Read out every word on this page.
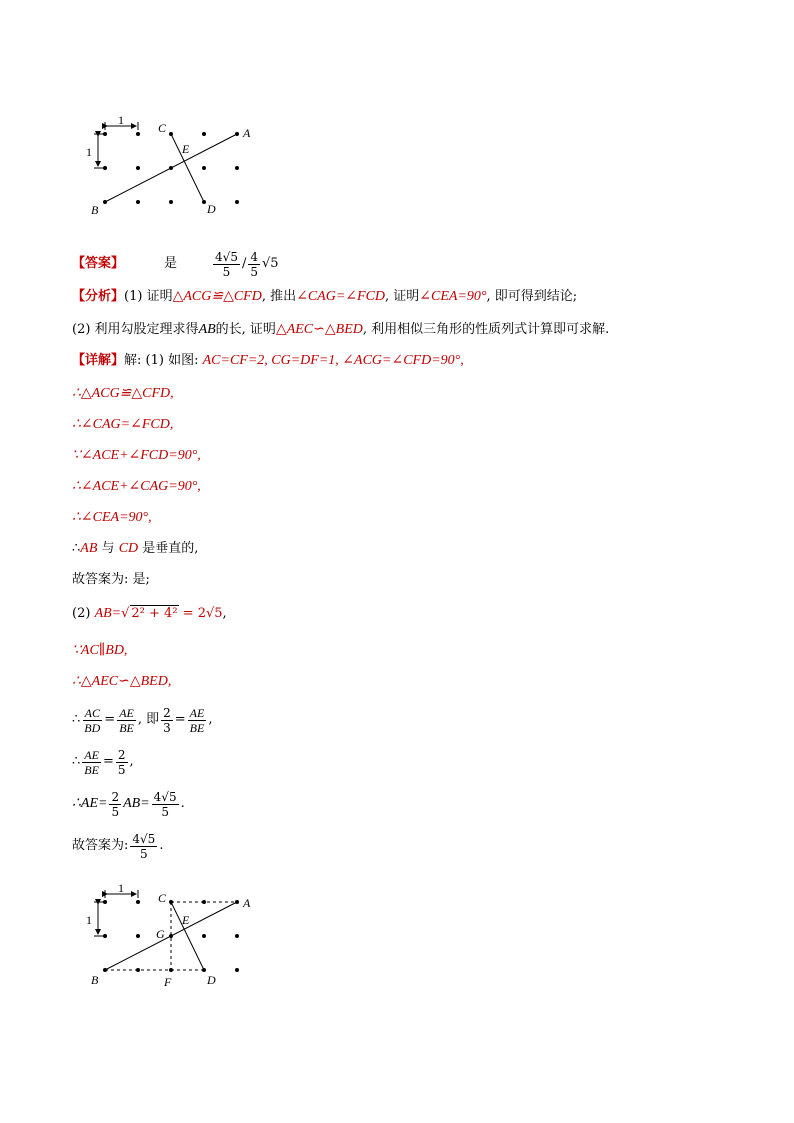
1
1
C	A
E
B	D
【答案】	是	$\frac{4√5}{5} / \frac{4}{5} √5$
【分析】(1) 证明△ACG≌△CFD, 推出∠CAG=∠FCD, 证明∠CEA=90°, 即可得到结论;
(2) 利用勾股定理求得AB的长, 证明△AEC∽△BED, 利用相似三角形的性质列式计算即可求解.
【详解】解: (1) 如图: AC=CF=2, CG=DF=1, ∠ACG=∠CFD=90°,
∴△ACG≌△CFD,
∴∠CAG=∠FCD,
∵∠ACE+∠FCD=90°,
∴∠ACE+∠CAG=90°,
∴∠CEA=90°,
∴AB 与 CD 是垂直的,
故答案为: 是;
(2) AB=√ 2² + 4² = 2√5,
∵AC∥BD,
∴△AEC∽△BED,
∴ $\frac{AC}{BD} = \frac{AE}{BE}$ , 即 $\frac{2}{3} = \frac{AE}{BE}$ ,
∴ $\frac{AE}{BE} = \frac{2}{5}$ ,
∴AE= $\frac{2}{5} AB= \frac{4√5}{5}$ .
故答案为: $\frac{4√5}{5}$ .
1
1
C	A
E
G
B	F	D
